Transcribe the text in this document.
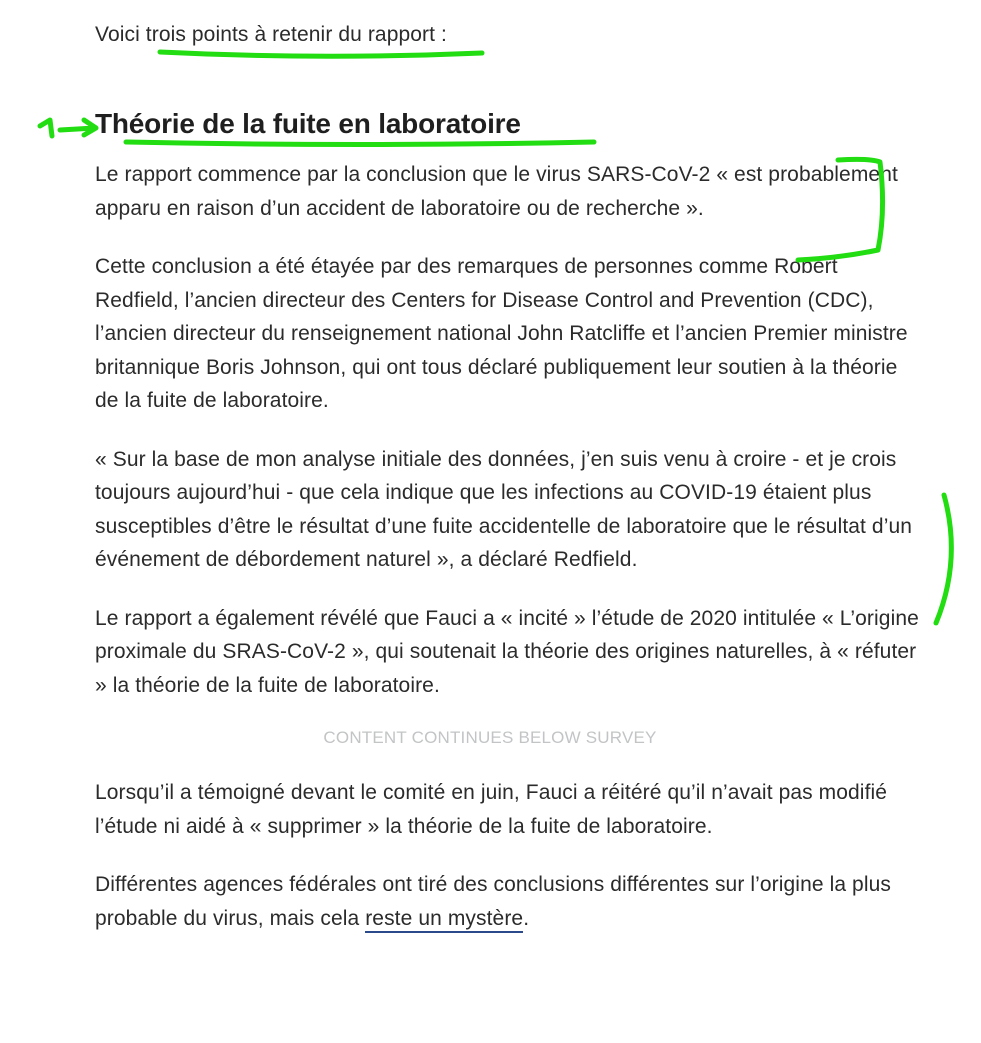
Voici trois points à retenir du rapport :

Théorie de la fuite en laboratoire

Le rapport commence par la conclusion que le virus SARS-CoV-2 « est probablement apparu en raison d’un accident de laboratoire ou de recherche ».

Cette conclusion a été étayée par des remarques de personnes comme Robert Redfield, l’ancien directeur des Centers for Disease Control and Prevention (CDC), l’ancien directeur du renseignement national John Ratcliffe et l’ancien Premier ministre britannique Boris Johnson, qui ont tous déclaré publiquement leur soutien à la théorie de la fuite de laboratoire.

« Sur la base de mon analyse initiale des données, j’en suis venu à croire - et je crois toujours aujourd’hui - que cela indique que les infections au COVID-19 étaient plus susceptibles d’être le résultat d’une fuite accidentelle de laboratoire que le résultat d’un événement de débordement naturel », a déclaré Redfield.

Le rapport a également révélé que Fauci a « incité » l’étude de 2020 intitulée « L’origine proximale du SRAS-CoV-2 », qui soutenait la théorie des origines naturelles, à « réfuter » la théorie de la fuite de laboratoire.

CONTENT CONTINUES BELOW SURVEY

Lorsqu’il a témoigné devant le comité en juin, Fauci a réitéré qu’il n’avait pas modifié l’étude ni aidé à « supprimer » la théorie de la fuite de laboratoire.

Différentes agences fédérales ont tiré des conclusions différentes sur l’origine la plus probable du virus, mais cela reste un mystère.
